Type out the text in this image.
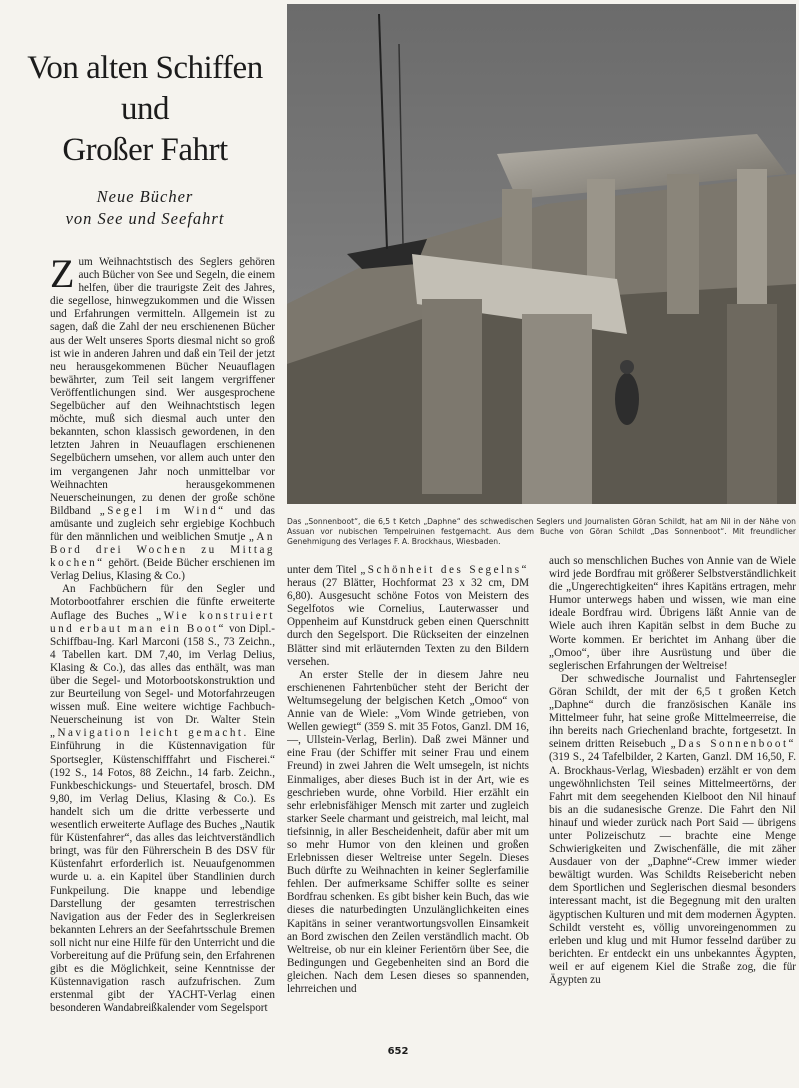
Von alten Schiffen
und
Großer Fahrt
Neue Bücher
von See und Seefahrt

Das „Sonnenboot“, die 6,5 t Ketch „Daphne“ des schwedischen Seglers und Journalisten Göran Schildt, hat am Nil in der Nähe von Assuan vor nubischen Tempelruinen festgemacht. Aus dem Buche von Göran Schildt „Das Sonnenboot“. Mit freundlicher Genehmigung des Verlages F. A. Brockhaus, Wiesbaden.

Zum Weihnachtstisch des Seglers gehören auch Bücher von See und Segeln, die einem helfen, über die traurigste Zeit des Jahres, die segellose, hinwegzukommen und die Wissen und Erfahrungen vermitteln. Allgemein ist zu sagen, daß die Zahl der neu erschienenen Bücher aus der Welt unseres Sports diesmal nicht so groß ist wie in anderen Jahren und daß ein Teil der jetzt neu herausgekommenen Bücher Neuauflagen bewährter, zum Teil seit langem vergriffener Veröffentlichungen sind. Wer ausgesprochene Segelbücher auf den Weihnachtstisch legen möchte, muß sich diesmal auch unter den bekannten, schon klassisch gewordenen, in den letzten Jahren in Neuauflagen erschienenen Segelbüchern umsehen, vor allem auch unter den im vergangenen Jahr noch unmittelbar vor Weihnachten herausgekommenen Neuerscheinungen, zu denen der große schöne Bildband „Segel im Wind“ und das amüsante und zugleich sehr ergiebige Kochbuch für den männlichen und weiblichen Smutje „An Bord drei Wochen zu Mittag kochen“ gehört. (Beide Bücher erschienen im Verlag Delius, Klasing & Co.)

An Fachbüchern für den Segler und Motorbootfahrer erschien die fünfte erweiterte Auflage des Buches „Wie konstruiert und erbaut man ein Boot“ von Dipl.-Schiffbau-Ing. Karl Marconi (158 S., 73 Zeichn., 4 Tabellen kart. DM 7,40, im Verlag Delius, Klasing & Co.), das alles das enthält, was man über die Segel- und Motorbootskonstruktion und zur Beurteilung von Segel- und Motorfahrzeugen wissen muß. Eine weitere wichtige Fachbuch-Neuerscheinung ist von Dr. Walter Stein „Navigation leicht gemacht. Eine Einführung in die Küstennavigation für Sportsegler, Küstenschifffahrt und Fischerei.“ (192 S., 14 Fotos, 88 Zeichn., 14 farb. Zeichn., Funkbeschickungs- und Steuertafel, brosch. DM 9,80, im Verlag Delius, Klasing & Co.). Es handelt sich um die dritte verbesserte und wesentlich erweiterte Auflage des Buches „Nautik für Küstenfahrer“, das alles das leichtverständlich bringt, was für den Führerschein B des DSV für Küstenfahrt erforderlich ist. Neuaufgenommen wurde u. a. ein Kapitel über Standlinien durch Funkpeilung. Die knappe und lebendige Darstellung der gesamten terrestrischen Navigation aus der Feder des in Seglerkreisen bekannten Lehrers an der Seefahrtsschule Bremen soll nicht nur eine Hilfe für den Unterricht und die Vorbereitung auf die Prüfung sein, den Erfahrenen gibt es die Möglichkeit, seine Kenntnisse der Küstennavigation rasch aufzufrischen. Zum erstenmal gibt der YACHT-Verlag einen besonderen Wandabreißkalender vom Segelsport

unter dem Titel „Schönheit des Segelns“ heraus (27 Blätter, Hochformat 23 x 32 cm, DM 6,80). Ausgesucht schöne Fotos von Meistern des Segelfotos wie Cornelius, Lauterwasser und Oppenheim auf Kunstdruck geben einen Querschnitt durch den Segelsport. Die Rückseiten der einzelnen Blätter sind mit erläuternden Texten zu den Bildern versehen.

An erster Stelle der in diesem Jahre neu erschienenen Fahrtenbücher steht der Bericht der Weltumsegelung der belgischen Ketch „Omoo“ von Annie van de Wiele: „Vom Winde getrieben, von Wellen gewiegt“ (359 S. mit 35 Fotos, Ganzl. DM 16,—, Ullstein-Verlag, Berlin). Daß zwei Männer und eine Frau (der Schiffer mit seiner Frau und einem Freund) in zwei Jahren die Welt umsegeln, ist nichts Einmaliges, aber dieses Buch ist in der Art, wie es geschrieben wurde, ohne Vorbild. Hier erzählt ein sehr erlebnisfähiger Mensch mit zarter und zugleich starker Seele charmant und geistreich, mal leicht, mal tiefsinnig, in aller Bescheidenheit, dafür aber mit um so mehr Humor von den kleinen und großen Erlebnissen dieser Weltreise unter Segeln. Dieses Buch dürfte zu Weihnachten in keiner Seglerfamilie fehlen. Der aufmerksame Schiffer sollte es seiner Bordfrau schenken. Es gibt bisher kein Buch, das wie dieses die naturbedingten Unzulänglichkeiten eines Kapitäns in seiner verantwortungsvollen Einsamkeit an Bord zwischen den Zeilen verständlich macht. Ob Weltreise, ob nur ein kleiner Ferientörn über See, die Bedingungen und Gegebenheiten sind an Bord die gleichen. Nach dem Lesen dieses so spannenden, lehrreichen und

auch so menschlichen Buches von Annie van de Wiele wird jede Bordfrau mit größerer Selbstverständlichkeit die „Ungerechtigkeiten“ ihres Kapitäns ertragen, mehr Humor unterwegs haben und wissen, wie man eine ideale Bordfrau wird. Übrigens läßt Annie van de Wiele auch ihren Kapitän selbst in dem Buche zu Worte kommen. Er berichtet im Anhang über die „Omoo“, über ihre Ausrüstung und über die seglerischen Erfahrungen der Weltreise!

Der schwedische Journalist und Fahrtensegler Göran Schildt, der mit der 6,5 t großen Ketch „Daphne“ durch die französischen Kanäle ins Mittelmeer fuhr, hat seine große Mittelmeerreise, die ihn bereits nach Griechenland brachte, fortgesetzt. In seinem dritten Reisebuch „Das Sonnenboot“ (319 S., 24 Tafelbilder, 2 Karten, Ganzl. DM 16,50, F. A. Brockhaus-Verlag, Wiesbaden) erzählt er von dem ungewöhnlichsten Teil seines Mittelmeertörns, der Fahrt mit dem seegehenden Kielboot den Nil hinauf bis an die sudanesische Grenze. Die Fahrt den Nil hinauf und wieder zurück nach Port Said — übrigens unter Polizeischutz — brachte eine Menge Schwierigkeiten und Zwischenfälle, die mit zäher Ausdauer von der „Daphne“-Crew immer wieder bewältigt wurden. Was Schildts Reisebericht neben dem Sportlichen und Seglerischen diesmal besonders interessant macht, ist die Begegnung mit den uralten ägyptischen Kulturen und mit dem modernen Ägypten. Schildt versteht es, völlig unvoreingenommen zu erleben und klug und mit Humor fesselnd darüber zu berichten. Er entdeckt ein uns unbekanntes Ägypten, weil er auf eigenem Kiel die Straße zog, die für Ägypten zu

652
